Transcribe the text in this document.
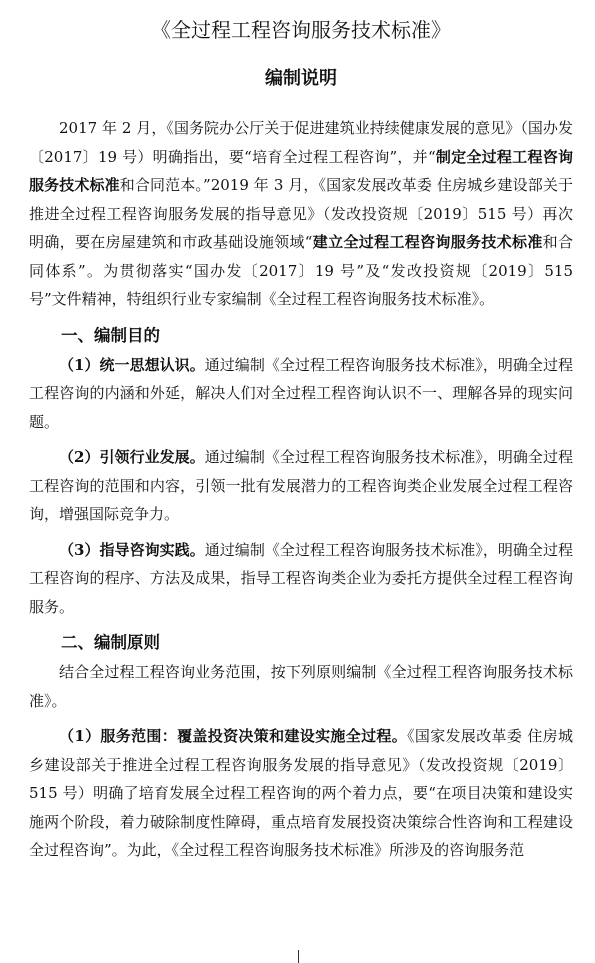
《全过程工程咨询服务技术标准》
编制说明

2017 年 2 月，《国务院办公厅关于促进建筑业持续健康发展的意见》（国办发〔2017〕19 号）明确指出，要“培育全过程工程咨询”，并“制定全过程工程咨询服务技术标准和合同范本。”2019 年 3 月，《国家发展改革委 住房城乡建设部关于推进全过程工程咨询服务发展的指导意见》（发改投资规〔2019〕515 号）再次明确，要在房屋建筑和市政基础设施领域“建立全过程工程咨询服务技术标准和合同体系”。为贯彻落实“国办发〔2017〕19 号”及“发改投资规〔2019〕515 号”文件精神，特组织行业专家编制《全过程工程咨询服务技术标准》。

一、编制目的

（1）统一思想认识。通过编制《全过程工程咨询服务技术标准》，明确全过程工程咨询的内涵和外延，解决人们对全过程工程咨询认识不一、理解各异的现实问题。

（2）引领行业发展。通过编制《全过程工程咨询服务技术标准》，明确全过程工程咨询的范围和内容，引领一批有发展潜力的工程咨询类企业发展全过程工程咨询，增强国际竞争力。

（3）指导咨询实践。通过编制《全过程工程咨询服务技术标准》，明确全过程工程咨询的程序、方法及成果，指导工程咨询类企业为委托方提供全过程工程咨询服务。

二、编制原则

结合全过程工程咨询业务范围，按下列原则编制《全过程工程咨询服务技术标准》。

（1）服务范围：覆盖投资决策和建设实施全过程。《国家发展改革委 住房城乡建设部关于推进全过程工程咨询服务发展的指导意见》（发改投资规〔2019〕515 号）明确了培育发展全过程工程咨询的两个着力点，要“在项目决策和建设实施两个阶段，着力破除制度性障碍，重点培育发展投资决策综合性咨询和工程建设全过程咨询”。为此，《全过程工程咨询服务技术标准》所涉及的咨询服务范
